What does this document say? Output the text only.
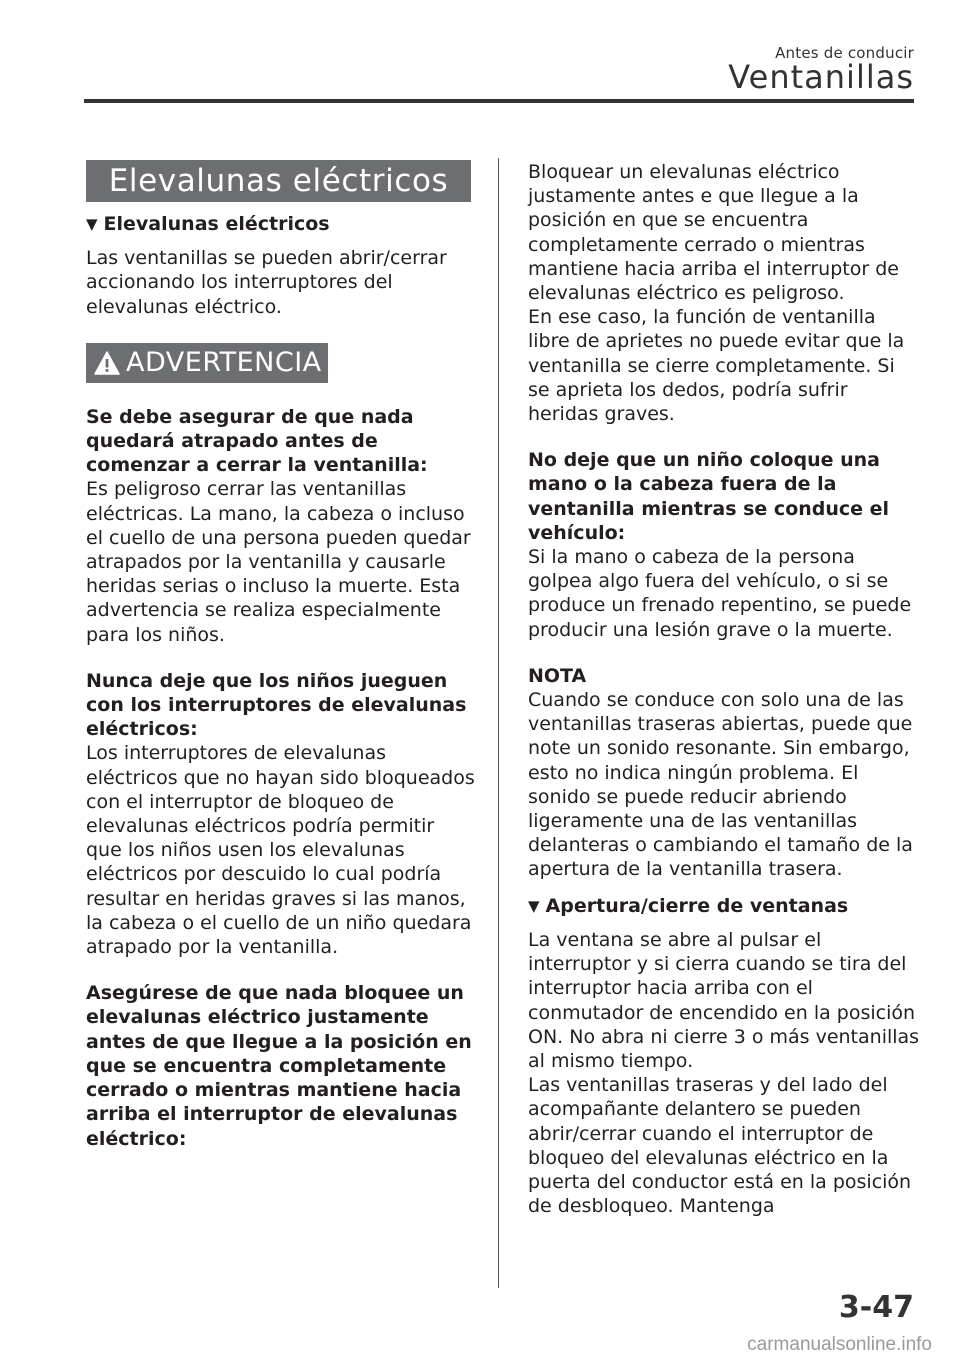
Antes de conducir
Ventanillas
Elevalunas eléctricos
▼ Elevalunas eléctricos

Las ventanillas se pueden abrir/cerrar accionando los interruptores del elevalunas eléctrico.

ADVERTENCIA

Se debe asegurar de que nada quedará atrapado antes de comenzar a cerrar la ventanilla:

Es peligroso cerrar las ventanillas eléctricas. La mano, la cabeza o incluso el cuello de una persona pueden quedar atrapados por la ventanilla y causarle heridas serias o incluso la muerte. Esta advertencia se realiza especialmente para los niños.

Nunca deje que los niños jueguen con los interruptores de elevalunas eléctricos:

Los interruptores de elevalunas eléctricos que no hayan sido bloqueados con el interruptor de bloqueo de elevalunas eléctricos podría permitir que los niños usen los elevalunas eléctricos por descuido lo cual podría resultar en heridas graves si las manos, la cabeza o el cuello de un niño quedara atrapado por la ventanilla.

Asegúrese de que nada bloquee un elevalunas eléctrico justamente antes de que llegue a la posición en que se encuentra completamente cerrado o mientras mantiene hacia arriba el interruptor de elevalunas eléctrico:

Bloquear un elevalunas eléctrico justamente antes e que llegue a la posición en que se encuentra completamente cerrado o mientras mantiene hacia arriba el interruptor de elevalunas eléctrico es peligroso.

En ese caso, la función de ventanilla libre de aprietes no puede evitar que la ventanilla se cierre completamente. Si se aprieta los dedos, podría sufrir heridas graves.

No deje que un niño coloque una mano o la cabeza fuera de la ventanilla mientras se conduce el vehículo:

Si la mano o cabeza de la persona golpea algo fuera del vehículo, o si se produce un frenado repentino, se puede producir una lesión grave o la muerte.

NOTA

Cuando se conduce con solo una de las ventanillas traseras abiertas, puede que note un sonido resonante. Sin embargo, esto no indica ningún problema. El sonido se puede reducir abriendo ligeramente una de las ventanillas delanteras o cambiando el tamaño de la apertura de la ventanilla trasera.

▼ Apertura/cierre de ventanas

La ventana se abre al pulsar el interruptor y si cierra cuando se tira del interruptor hacia arriba con el conmutador de encendido en la posición ON. No abra ni cierre 3 o más ventanillas al mismo tiempo.

Las ventanillas traseras y del lado del acompañante delantero se pueden abrir/cerrar cuando el interruptor de bloqueo del elevalunas eléctrico en la puerta del conductor está en la posición de desbloqueo. Mantenga

3-47
carmanualsonline.info
